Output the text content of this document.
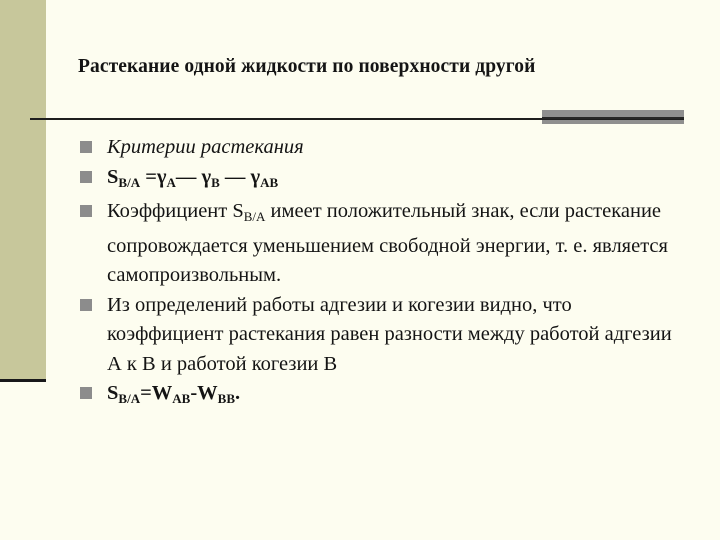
Растекание одной жидкости по поверхности другой
Критерии растекания
$S_{B/A}$ $=\gamma_A—$ $\gamma_B$ — $\gamma_{AB}$
Коэффициент SB/A имеет положительный знак, если растекание сопровождается уменьшением свободной энергии, т. е. является самопроизвольным.
Из определений работы адгезии и когезии видно, что коэффициент растекания равен разности между работой адгезии А к В и работой когезии В
$S_{B/A}=W_{AB}-W_{BB}$.
